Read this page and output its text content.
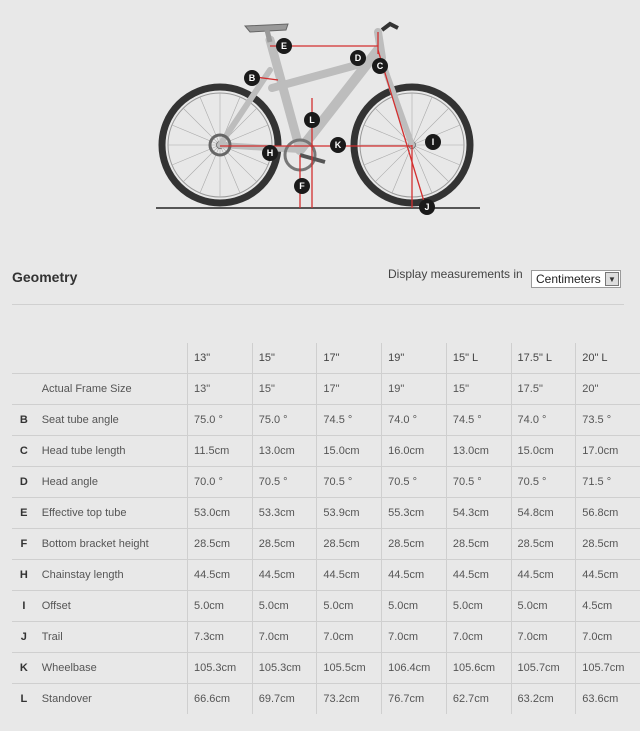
E
D
C
B
L
K	I
H
F
J
Geometry	Display measurements in	Centimeters ▼
		13"	15"	17"	19"	15" L	17.5" L	20" L
	Actual Frame Size	13"	15"	17"	19"	15"	17.5"	20"
B	Seat tube angle	75.0 °	75.0 °	74.5 °	74.0 °	74.5 °	74.0 °	73.5 °
C	Head tube length	11.5cm	13.0cm	15.0cm	16.0cm	13.0cm	15.0cm	17.0cm
D	Head angle	70.0 °	70.5 °	70.5 °	70.5 °	70.5 °	70.5 °	71.5 °
E	Effective top tube	53.0cm	53.3cm	53.9cm	55.3cm	54.3cm	54.8cm	56.8cm
F	Bottom bracket height	28.5cm	28.5cm	28.5cm	28.5cm	28.5cm	28.5cm	28.5cm
H	Chainstay length	44.5cm	44.5cm	44.5cm	44.5cm	44.5cm	44.5cm	44.5cm
I	Offset	5.0cm	5.0cm	5.0cm	5.0cm	5.0cm	5.0cm	4.5cm
J	Trail	7.3cm	7.0cm	7.0cm	7.0cm	7.0cm	7.0cm	7.0cm
K	Wheelbase	105.3cm	105.3cm	105.5cm	106.4cm	105.6cm	105.7cm	105.7cm
L	Standover	66.6cm	69.7cm	73.2cm	76.7cm	62.7cm	63.2cm	63.6cm
